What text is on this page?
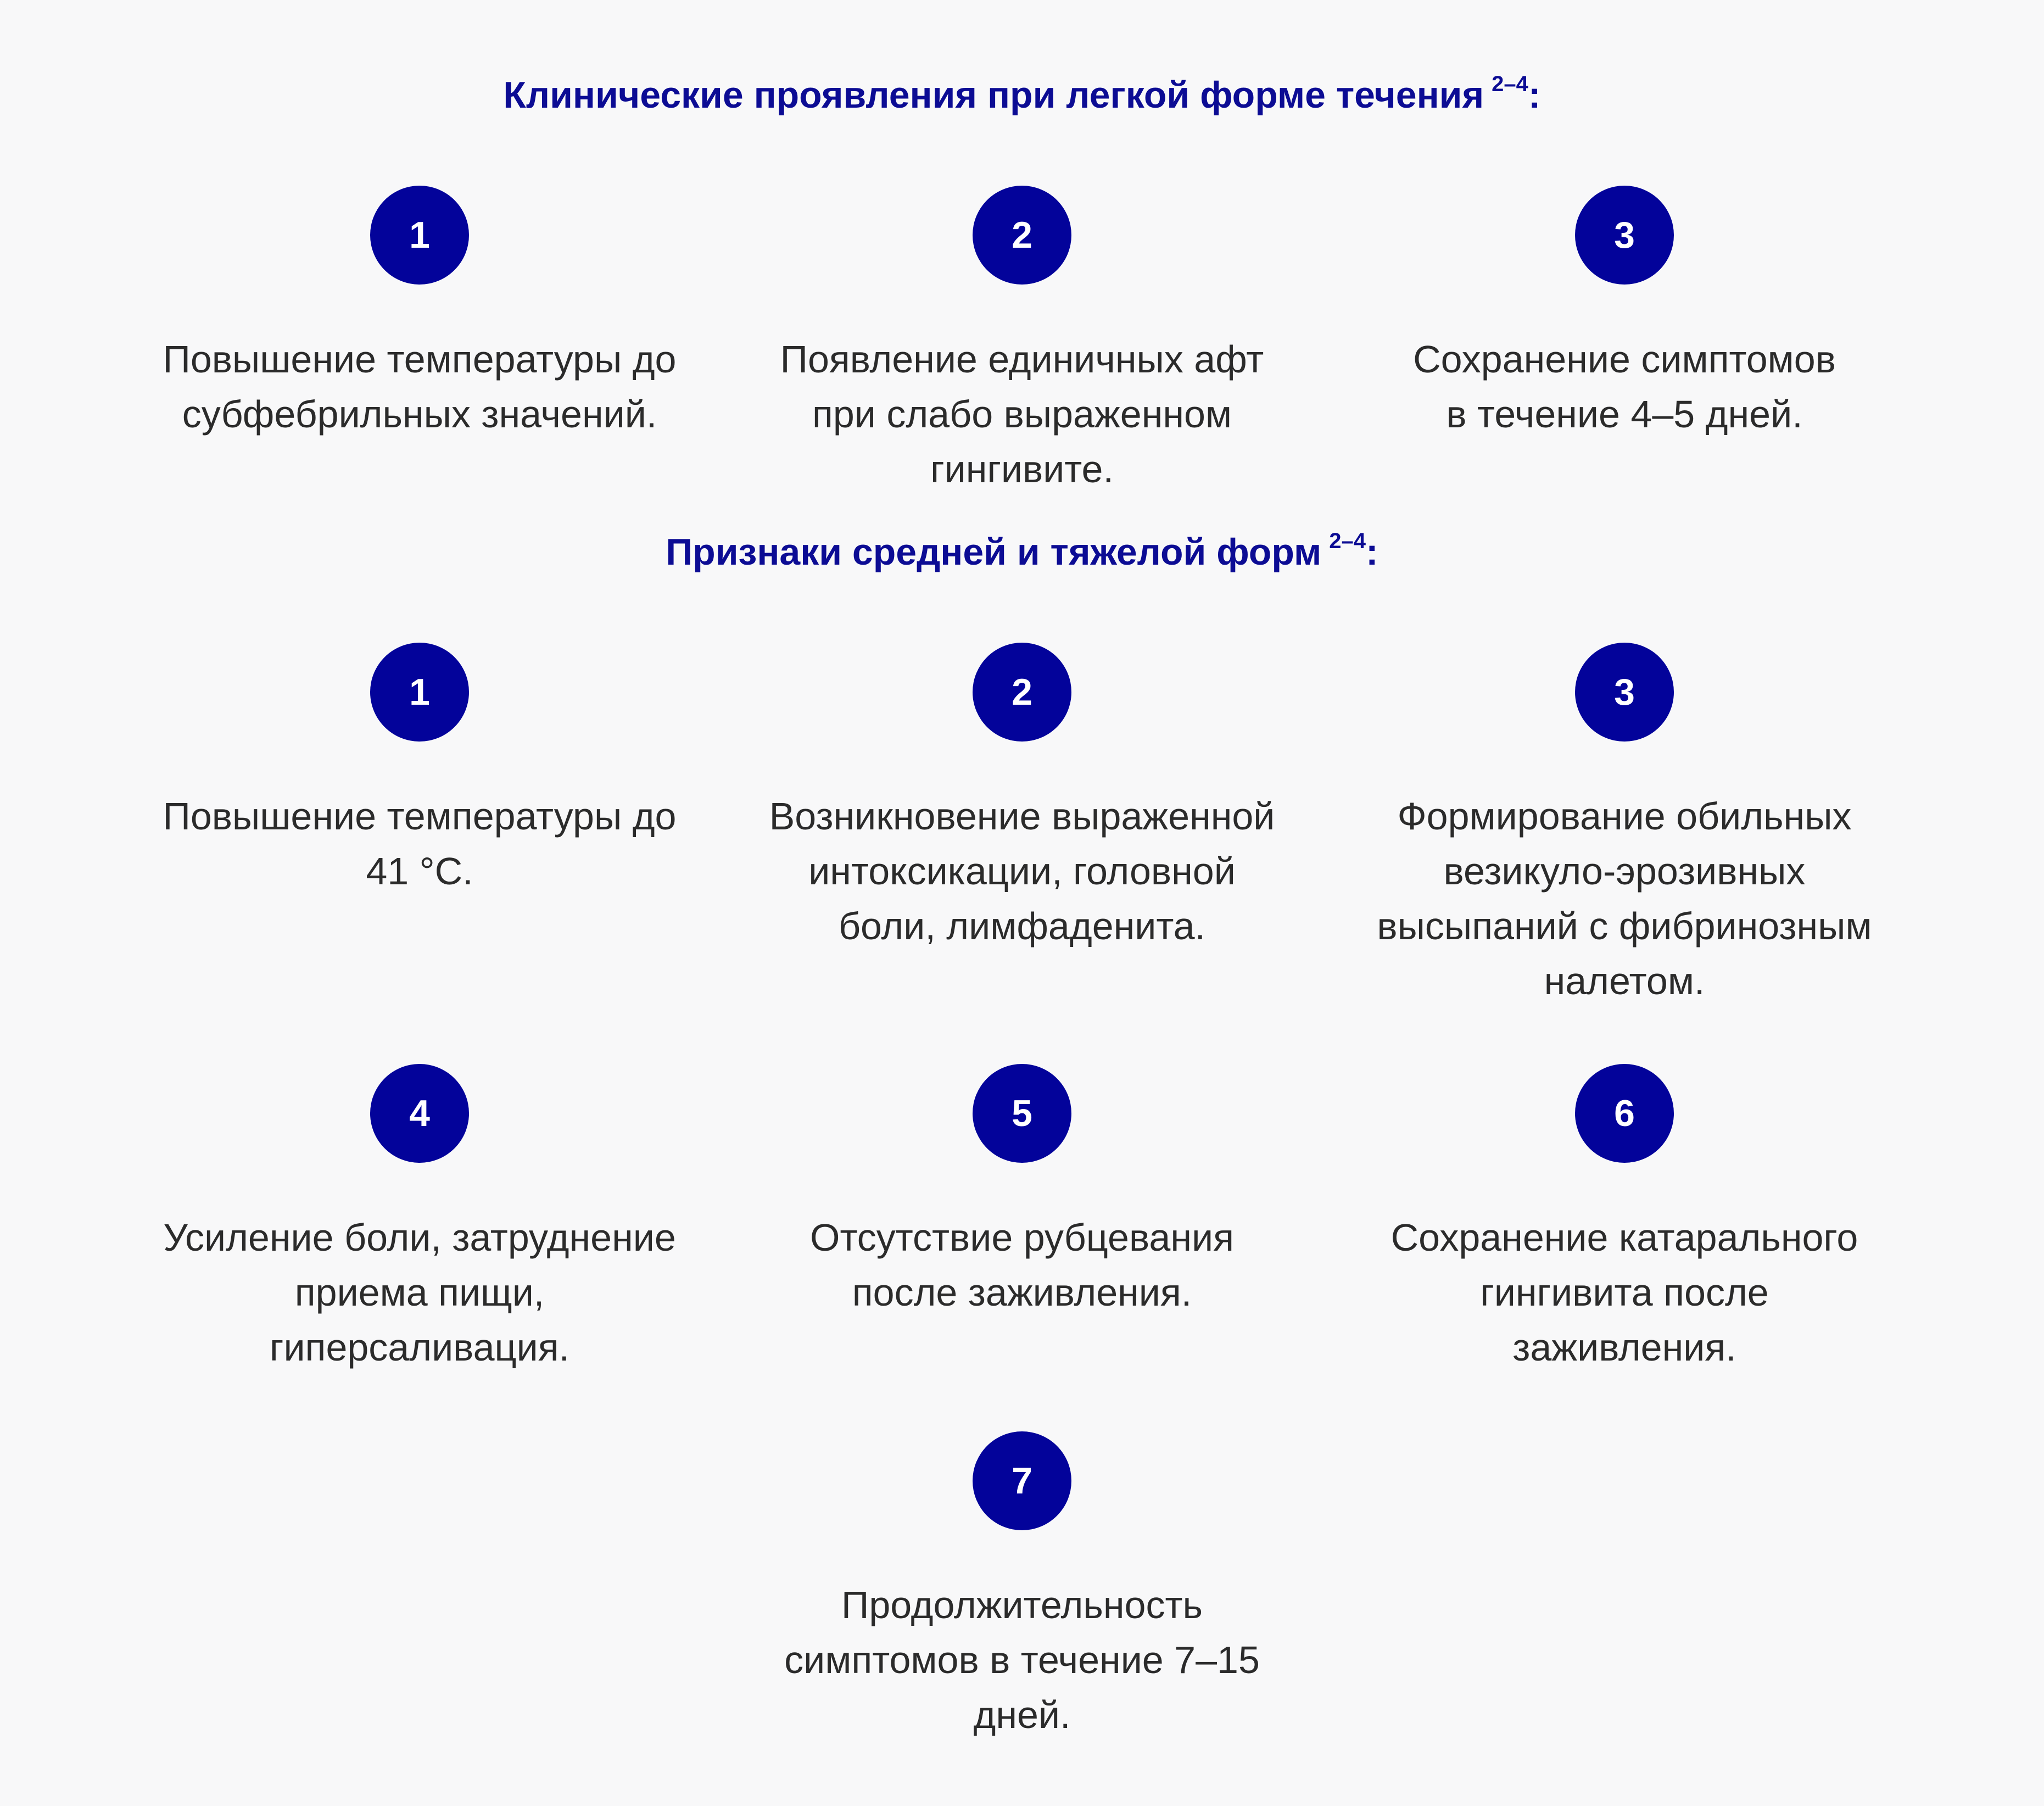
Клинические проявления при легкой форме течения $^{2-4}$:
1
Повышение температуры до
субфебрильных значений.
2
Появление единичных афт
при слабо выраженном
гингивите.
3
Сохранение симптомов
в течение 4–5 дней.
Признаки средней и тяжелой форм $^{2-4}$:
1
Повышение температуры до
41 °С.
2
Возникновение выраженной
интоксикации, головной
боли, лимфаденита.
3
Формирование обильных
везикуло-эрозивных
высыпаний с фибринозным
налетом.
4
Усиление боли, затруднение
приема пищи,
гиперсаливация.
5
Отсутствие рубцевания
после заживления.
6
Сохранение катарального
гингивита после
заживления.
7
Продолжительность
симптомов в течение 7–15
дней.
